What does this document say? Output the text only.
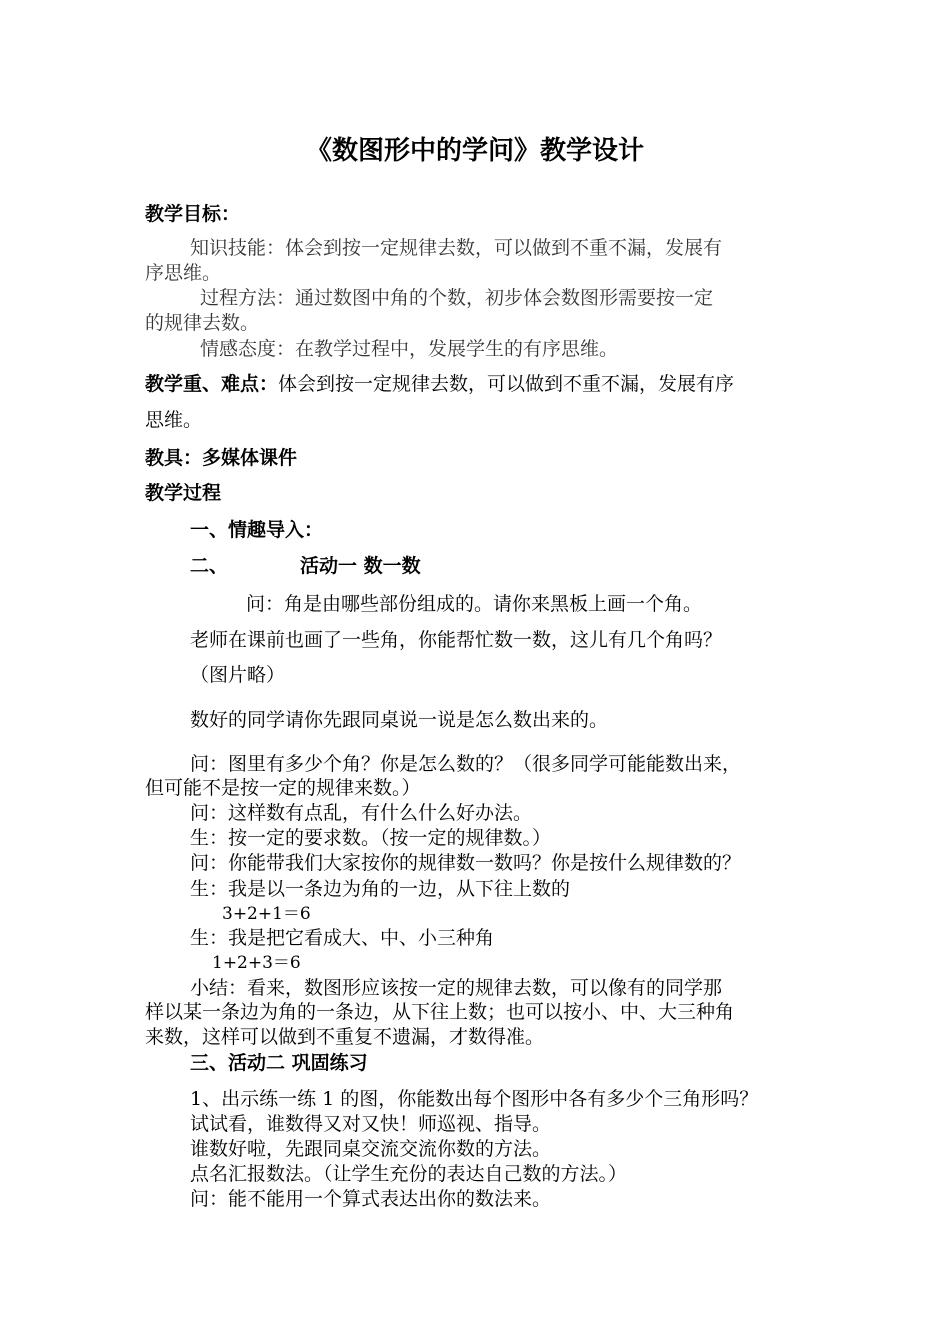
《数图形中的学问》教学设计
教学目标：
知识技能：体会到按一定规律去数，可以做到不重不漏，发展有
序思维。
过程方法：通过数图中角的个数，初步体会数图形需要按一定
的规律去数。
情感态度：在教学过程中，发展学生的有序思维。
教学重、难点：体会到按一定规律去数，可以做到不重不漏，发展有序
思维。
教具：多媒体课件
教学过程
一、情趣导入：
二、	活动一 数一数
问：角是由哪些部份组成的。请你来黑板上画一个角。
老师在课前也画了一些角，你能帮忙数一数，这儿有几个角吗？
（图片略）
数好的同学请你先跟同桌说一说是怎么数出来的。
问：图里有多少个角？你是怎么数的？（很多同学可能能数出来，
但可能不是按一定的规律来数。）
问：这样数有点乱，有什么什么好办法。
生：按一定的要求数。（按一定的规律数。）
问：你能带我们大家按你的规律数一数吗？你是按什么规律数的？
生：我是以一条边为角的一边，从下往上数的
3+2+1＝6
生：我是把它看成大、中、小三种角
1+2+3＝6
小结：看来，数图形应该按一定的规律去数，可以像有的同学那
样以某一条边为角的一条边，从下往上数；也可以按小、中、大三种角
来数，这样可以做到不重复不遗漏，才数得准。
三、活动二 巩固练习
1、出示练一练 1 的图，你能数出每个图形中各有多少个三角形吗？
试试看，谁数得又对又快！师巡视、指导。
谁数好啦，先跟同桌交流交流你数的方法。
点名汇报数法。（让学生充份的表达自己数的方法。）
问：能不能用一个算式表达出你的数法来。
